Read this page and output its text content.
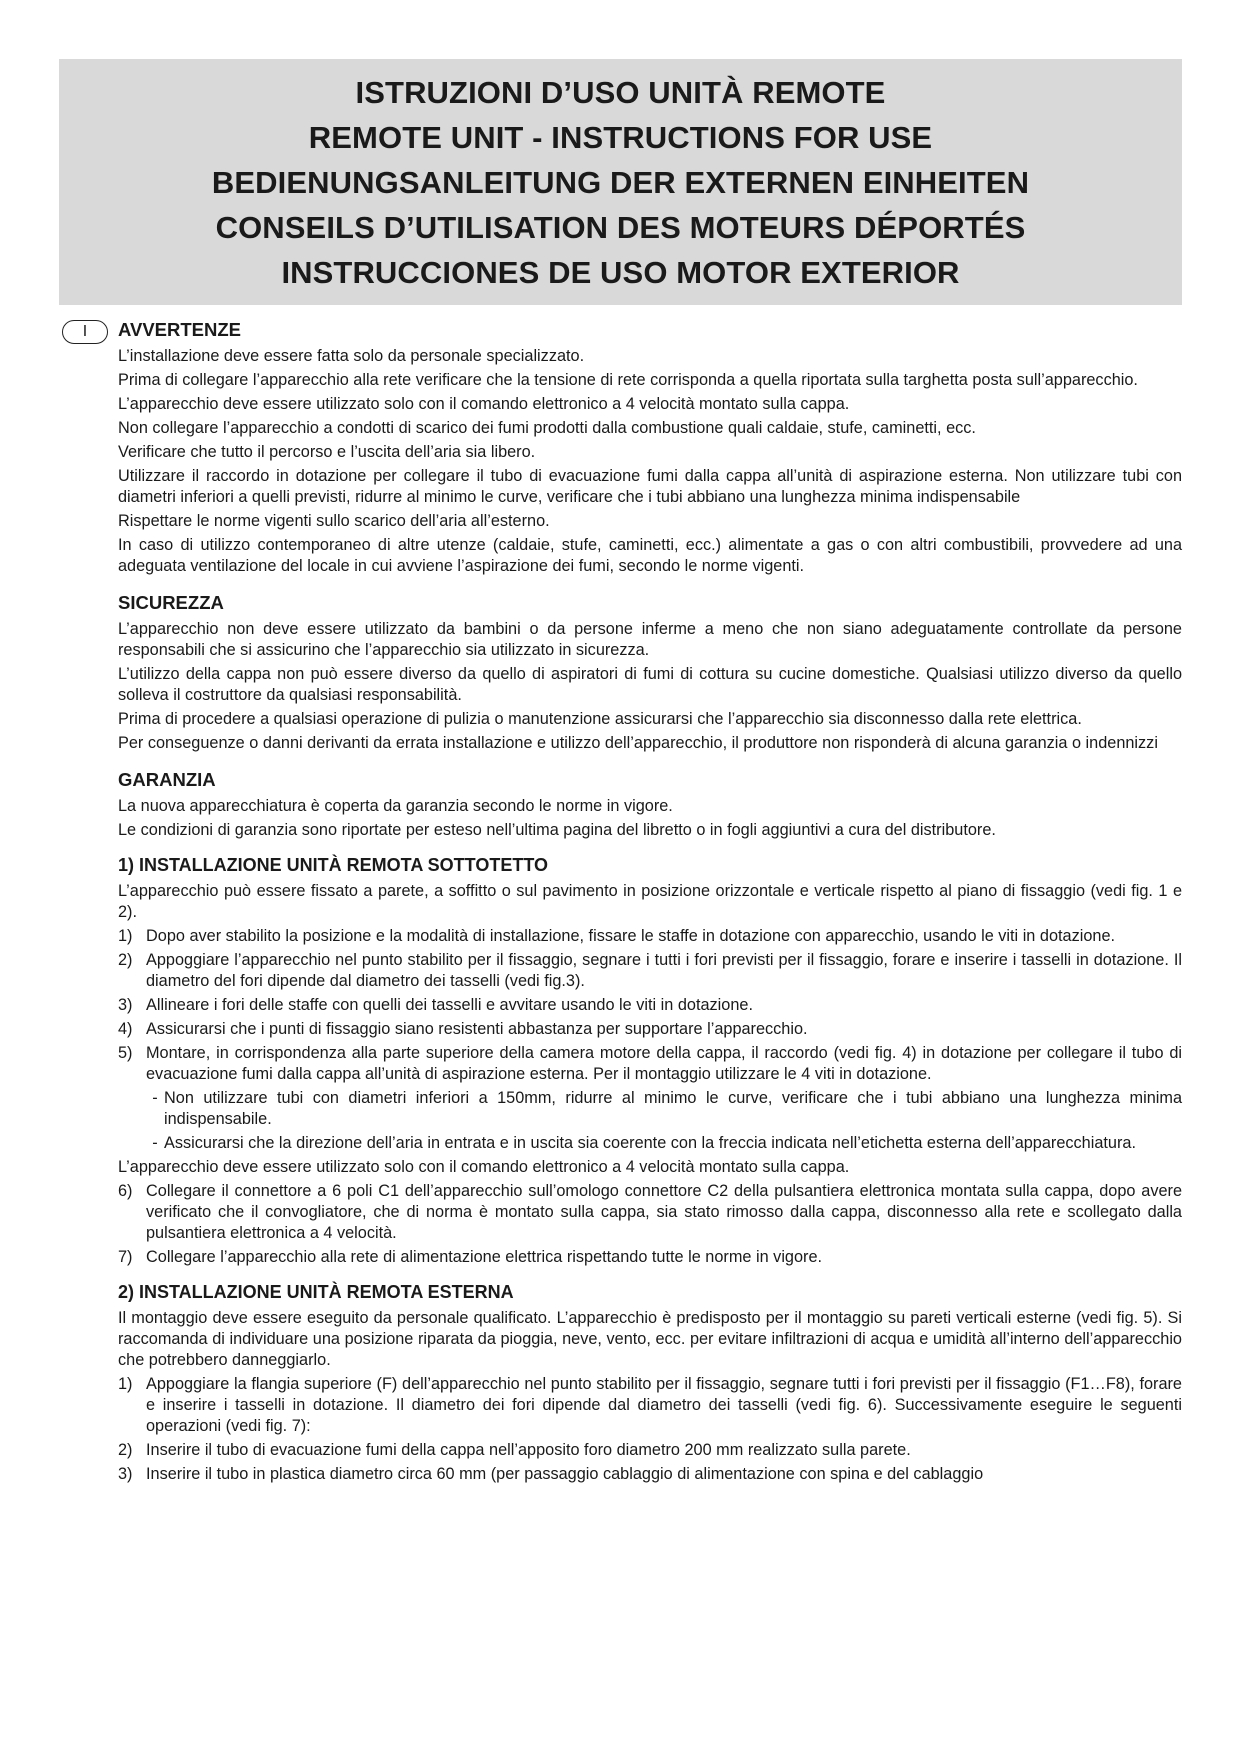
ISTRUZIONI D’USO UNITÀ REMOTE
REMOTE UNIT - INSTRUCTIONS FOR USE
BEDIENUNGSANLEITUNG DER EXTERNEN EINHEITEN
CONSEILS D’UTILISATION DES MOTEURS DÉPORTÉS
INSTRUCCIONES DE USO MOTOR EXTERIOR
I	AVVERTENZE

L’installazione deve essere fatta solo da personale specializzato.

Prima di collegare l’apparecchio alla rete verificare che la tensione di rete corrisponda a quella riportata sulla targhetta posta sull’apparecchio.

L’apparecchio deve essere utilizzato solo con il comando elettronico a 4 velocità montato sulla cappa.

Non collegare l’apparecchio a condotti di scarico dei fumi prodotti dalla combustione quali caldaie, stufe, caminetti, ecc.

Verificare che tutto il percorso e l’uscita dell’aria sia libero.

Utilizzare il raccordo in dotazione per collegare il tubo di evacuazione fumi dalla cappa all’unità di aspirazione esterna. Non utilizzare tubi con diametri inferiori a quelli previsti, ridurre al minimo le curve, verificare che i tubi abbiano una lunghezza minima indispensabile

Rispettare le norme vigenti sullo scarico dell’aria all’esterno.

In caso di utilizzo contemporaneo di altre utenze (caldaie, stufe, caminetti, ecc.) alimentate a gas o con altri combustibili, provvedere ad una adeguata ventilazione del locale in cui avviene l’aspirazione dei fumi, secondo le norme vigenti.

SICUREZZA

L’apparecchio non deve essere utilizzato da bambini o da persone inferme a meno che non siano adeguatamente controllate da persone responsabili che si assicurino che l’apparecchio sia utilizzato in sicurezza.

L’utilizzo della cappa non può essere diverso da quello di aspiratori di fumi di cottura su cucine domestiche. Qualsiasi utilizzo diverso da quello solleva il costruttore da qualsiasi responsabilità.

Prima di procedere a qualsiasi operazione di pulizia o manutenzione assicurarsi che l’apparecchio sia disconnesso dalla rete elettrica.

Per conseguenze o danni derivanti da errata installazione e utilizzo dell’apparecchio, il produttore non risponderà di alcuna garanzia o indennizzi

GARANZIA

La nuova apparecchiatura è coperta da garanzia secondo le norme in vigore.

Le condizioni di garanzia sono riportate per esteso nell’ultima pagina del libretto o in fogli aggiuntivi a cura del distributore.

1) INSTALLAZIONE UNITÀ REMOTA SOTTOTETTO

L’apparecchio può essere fissato a parete, a soffitto o sul pavimento in posizione orizzontale e verticale rispetto al piano di fissaggio (vedi fig. 1 e 2).

1) Dopo aver stabilito la posizione e la modalità di installazione, fissare le staffe in dotazione con apparecchio, usando le viti in dotazione.
2) Appoggiare l’apparecchio nel punto stabilito per il fissaggio, segnare i tutti i fori previsti per il fissaggio, forare e inserire i tasselli in dotazione. Il diametro del fori dipende dal diametro dei tasselli (vedi fig.3).
3) Allineare i fori delle staffe con quelli dei tasselli e avvitare usando le viti in dotazione.
4) Assicurarsi che i punti di fissaggio siano resistenti abbastanza per supportare l’apparecchio.
5) Montare, in corrispondenza alla parte superiore della camera motore della cappa, il raccordo (vedi fig. 4) in dotazione per collegare il tubo di evacuazione fumi dalla cappa all’unità di aspirazione esterna. Per il montaggio utilizzare le 4 viti in dotazione.
- Non utilizzare tubi con diametri inferiori a 150mm, ridurre al minimo le curve, verificare che i tubi abbiano una lunghezza minima indispensabile.
- Assicurarsi che la direzione dell’aria in entrata e in uscita sia coerente con la freccia indicata nell’etichetta esterna dell’apparecchiatura.

L’apparecchio deve essere utilizzato solo con il comando elettronico a 4 velocità montato sulla cappa.

6) Collegare il connettore a 6 poli C1 dell’apparecchio sull’omologo connettore C2 della pulsantiera elettronica montata sulla cappa, dopo avere verificato che il convogliatore, che di norma è montato sulla cappa, sia stato rimosso dalla cappa, disconnesso alla rete e scollegato dalla pulsantiera elettronica a 4 velocità.
7) Collegare l’apparecchio alla rete di alimentazione elettrica rispettando tutte le norme in vigore.
2) INSTALLAZIONE UNITÀ REMOTA ESTERNA

Il montaggio deve essere eseguito da personale qualificato. L’apparecchio è predisposto per il montaggio su pareti verticali esterne (vedi fig. 5). Si raccomanda di individuare una posizione riparata da pioggia, neve, vento, ecc. per evitare infiltrazioni di acqua e umidità all’interno dell’apparecchio che potrebbero danneggiarlo.

1) Appoggiare la flangia superiore (F) dell’apparecchio nel punto stabilito per il fissaggio, segnare tutti i fori previsti per il fissaggio (F1…F8), forare e inserire i tasselli in dotazione. Il diametro dei fori dipende dal diametro dei tasselli (vedi fig. 6). Successivamente eseguire le seguenti operazioni (vedi fig. 7):
2) Inserire il tubo di evacuazione fumi della cappa nell’apposito foro diametro 200 mm realizzato sulla parete.
3) Inserire il tubo in plastica diametro circa 60 mm (per passaggio cablaggio di alimentazione con spina e del cablaggio
